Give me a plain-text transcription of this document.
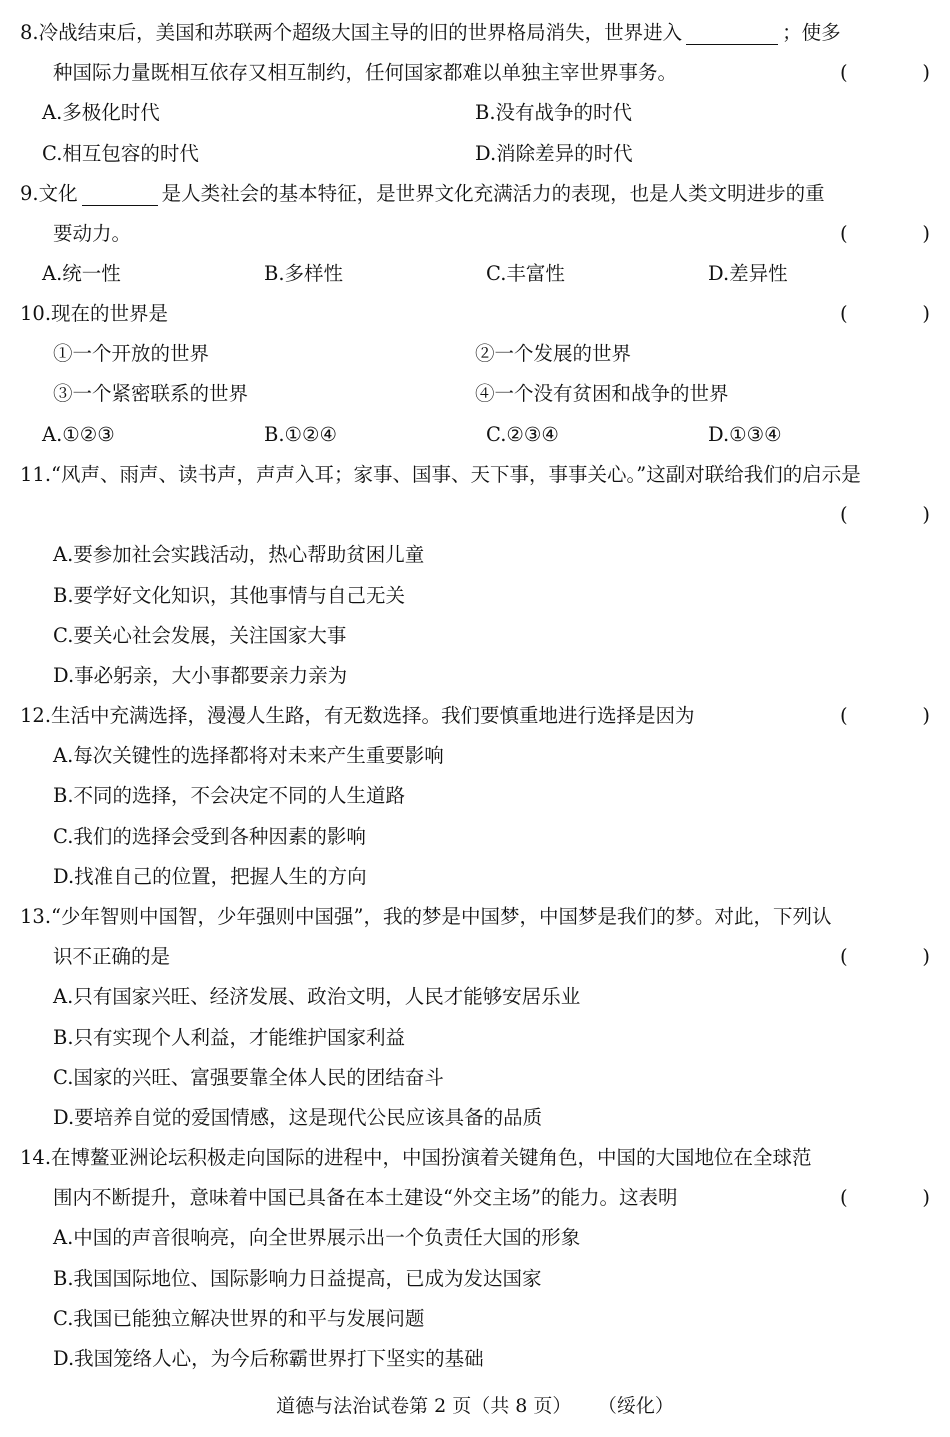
8.冷战结束后，美国和苏联两个超级大国主导的旧的世界格局消失，世界进入	；使多
种国际力量既相互依存又相互制约，任何国家都难以单独主宰世界事务。	(	)
A.多极化时代	B.没有战争的时代
C.相互包容的时代	D.消除差异的时代
9.文化	是人类社会的基本特征，是世界文化充满活力的表现，也是人类文明进步的重
要动力。	(	)
A.统一性	B.多样性	C.丰富性	D.差异性
10.现在的世界是	(	)
①一个开放的世界	②一个发展的世界
③一个紧密联系的世界	④一个没有贫困和战争的世界
A.①②③	B.①②④	C.②③④	D.①③④
11.“风声、雨声、读书声，声声入耳；家事、国事、天下事，事事关心。”这副对联给我们的启示是
(	)
A.要参加社会实践活动，热心帮助贫困儿童
B.要学好文化知识，其他事情与自己无关
C.要关心社会发展，关注国家大事
D.事必躬亲，大小事都要亲力亲为
12.生活中充满选择，漫漫人生路，有无数选择。我们要慎重地进行选择是因为	(	)
A.每次关键性的选择都将对未来产生重要影响
B.不同的选择，不会决定不同的人生道路
C.我们的选择会受到各种因素的影响
D.找准自己的位置，把握人生的方向
13.“少年智则中国智，少年强则中国强”，我的梦是中国梦，中国梦是我们的梦。对此，下列认
识不正确的是	(	)
A.只有国家兴旺、经济发展、政治文明，人民才能够安居乐业
B.只有实现个人利益，才能维护国家利益
C.国家的兴旺、富强要靠全体人民的团结奋斗
D.要培养自觉的爱国情感，这是现代公民应该具备的品质
14.在博鳌亚洲论坛积极走向国际的进程中，中国扮演着关键角色，中国的大国地位在全球范
围内不断提升，意味着中国已具备在本土建设“外交主场”的能力。这表明	(	)
A.中国的声音很响亮，向全世界展示出一个负责任大国的形象
B.我国国际地位、国际影响力日益提高，已成为发达国家
C.我国已能独立解决世界的和平与发展问题
D.我国笼络人心，为今后称霸世界打下坚实的基础
道德与法治试卷第 2 页（共 8 页） （绥化）
